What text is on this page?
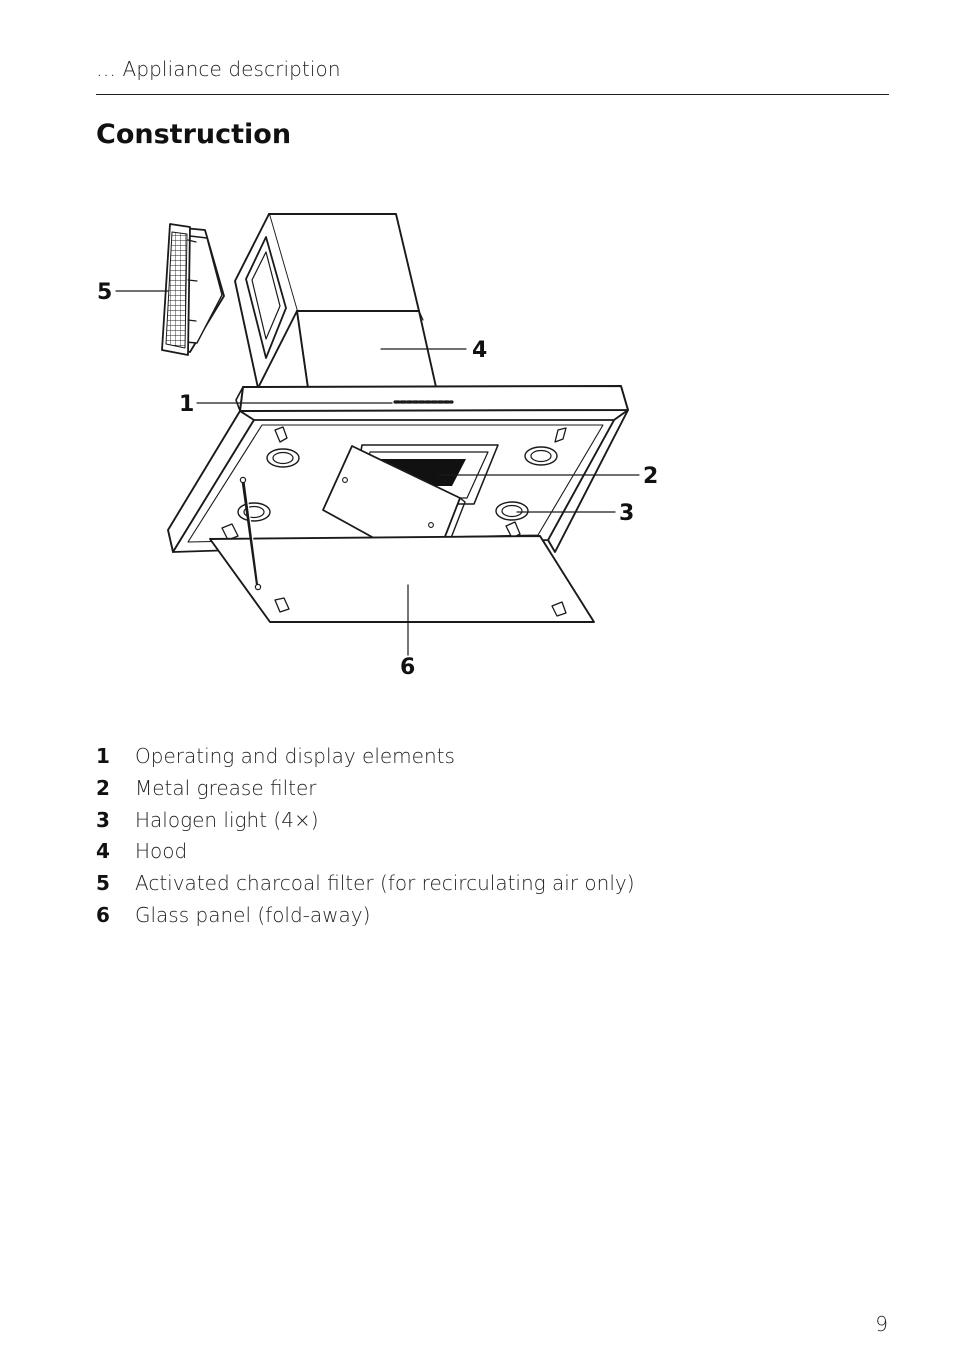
… Appliance description
Construction
5
4
1
2
3
6
1	Operating and display elements
2	Metal grease filter
3	Halogen light (4×)
4	Hood
5	Activated charcoal filter (for recirculating air only)
6	Glass panel (fold-away)
9
